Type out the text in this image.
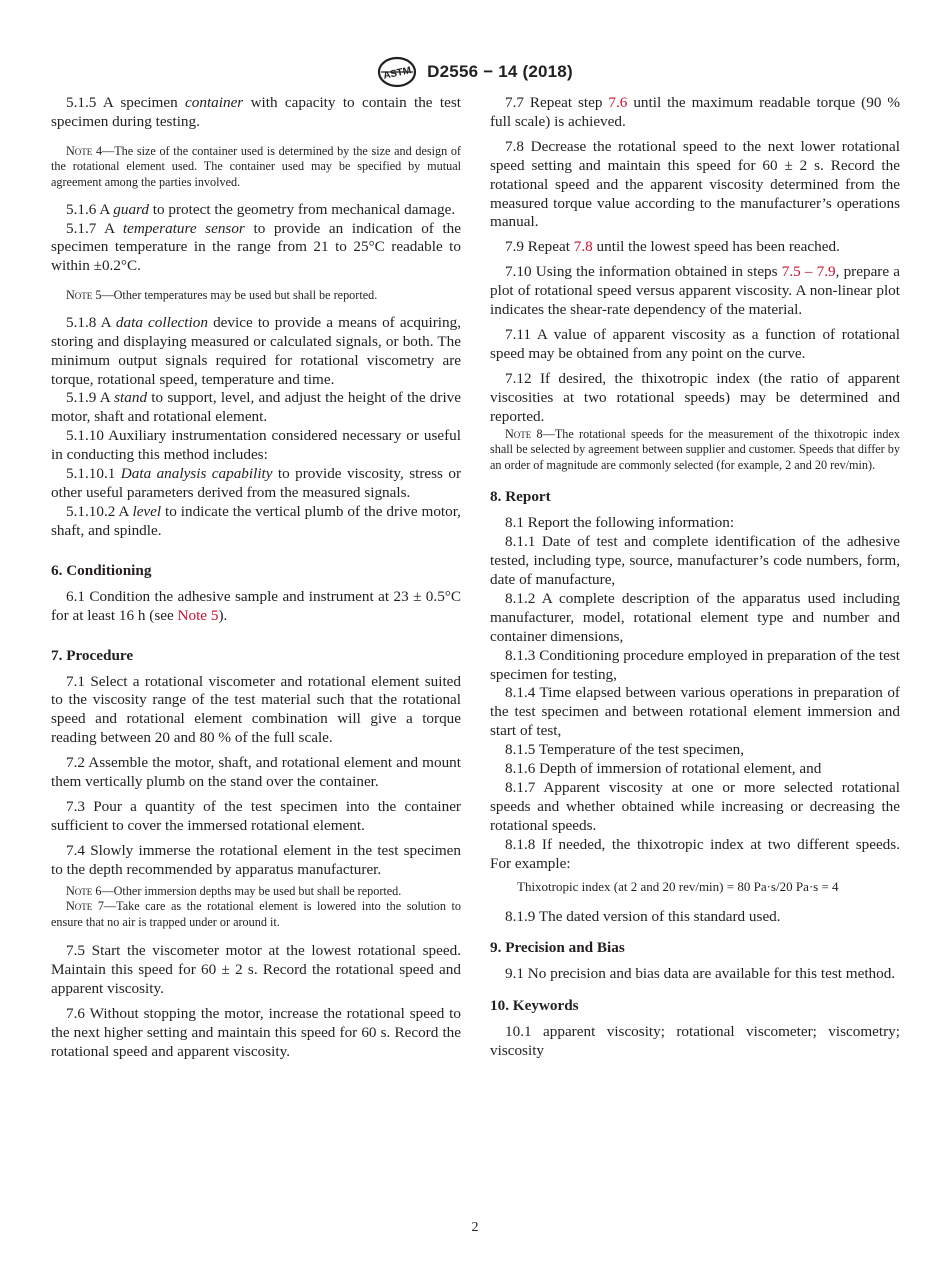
ASTM D2556 − 14 (2018)

5.1.5 A specimen container with capacity to contain the test specimen during testing.

Note 4—The size of the container used is determined by the size and design of the rotational element used. The container used may be specified by mutual agreement among the parties involved.

5.1.6 A guard to protect the geometry from mechanical damage.

5.1.7 A temperature sensor to provide an indication of the specimen temperature in the range from 21 to 25°C readable to within ±0.2°C.

Note 5—Other temperatures may be used but shall be reported.

5.1.8 A data collection device to provide a means of acquiring, storing and displaying measured or calculated signals, or both. The minimum output signals required for rotational viscometry are torque, rotational speed, temperature and time.

5.1.9 A stand to support, level, and adjust the height of the drive motor, shaft and rotational element.

5.1.10 Auxiliary instrumentation considered necessary or useful in conducting this method includes:

5.1.10.1 Data analysis capability to provide viscosity, stress or other useful parameters derived from the measured signals.

5.1.10.2 A level to indicate the vertical plumb of the drive motor, shaft, and spindle.

6. Conditioning

6.1 Condition the adhesive sample and instrument at 23 ± 0.5°C for at least 16 h (see Note 5).

7. Procedure

7.1 Select a rotational viscometer and rotational element suited to the viscosity range of the test material such that the rotational speed and rotational element combination will give a torque reading between 20 and 80 % of the full scale.

7.2 Assemble the motor, shaft, and rotational element and mount them vertically plumb on the stand over the container.

7.3 Pour a quantity of the test specimen into the container sufficient to cover the immersed rotational element.

7.4 Slowly immerse the rotational element in the test specimen to the depth recommended by apparatus manufacturer.

Note 6—Other immersion depths may be used but shall be reported.

Note 7—Take care as the rotational element is lowered into the solution to ensure that no air is trapped under or around it.

7.5 Start the viscometer motor at the lowest rotational speed. Maintain this speed for 60 ± 2 s. Record the rotational speed and apparent viscosity.

7.6 Without stopping the motor, increase the rotational speed to the next higher setting and maintain this speed for 60 s. Record the rotational speed and apparent viscosity.

7.7 Repeat step 7.6 until the maximum readable torque (90 % full scale) is achieved.

7.8 Decrease the rotational speed to the next lower rotational speed setting and maintain this speed for 60 ± 2 s. Record the rotational speed and the apparent viscosity determined from the measured torque value according to the manufacturer’s operations manual.

7.9 Repeat 7.8 until the lowest speed has been reached.

7.10 Using the information obtained in steps 7.5 – 7.9, prepare a plot of rotational speed versus apparent viscosity. A non-linear plot indicates the shear-rate dependency of the material.

7.11 A value of apparent viscosity as a function of rotational speed may be obtained from any point on the curve.

7.12 If desired, the thixotropic index (the ratio of apparent viscosities at two rotational speeds) may be determined and reported.

Note 8—The rotational speeds for the measurement of the thixotropic index shall be selected by agreement between supplier and customer. Speeds that differ by an order of magnitude are commonly selected (for example, 2 and 20 rev/min).

8. Report

8.1 Report the following information:

8.1.1 Date of test and complete identification of the adhesive tested, including type, source, manufacturer’s code numbers, form, date of manufacture,

8.1.2 A complete description of the apparatus used including manufacturer, model, rotational element type and number and container dimensions,

8.1.3 Conditioning procedure employed in preparation of the test specimen for testing,

8.1.4 Time elapsed between various operations in preparation of the test specimen and between rotational element immersion and start of test,

8.1.5 Temperature of the test specimen,

8.1.6 Depth of immersion of rotational element, and

8.1.7 Apparent viscosity at one or more selected rotational speeds and whether obtained while increasing or decreasing the rotational speeds.

8.1.8 If needed, the thixotropic index at two different speeds. For example:

Thixotropic index (at 2 and 20 rev/min) = 80 Pa·s/20 Pa·s = 4

8.1.9 The dated version of this standard used.

9. Precision and Bias

9.1 No precision and bias data are available for this test method.

10. Keywords

10.1 apparent viscosity; rotational viscometer; viscometry; viscosity

2
